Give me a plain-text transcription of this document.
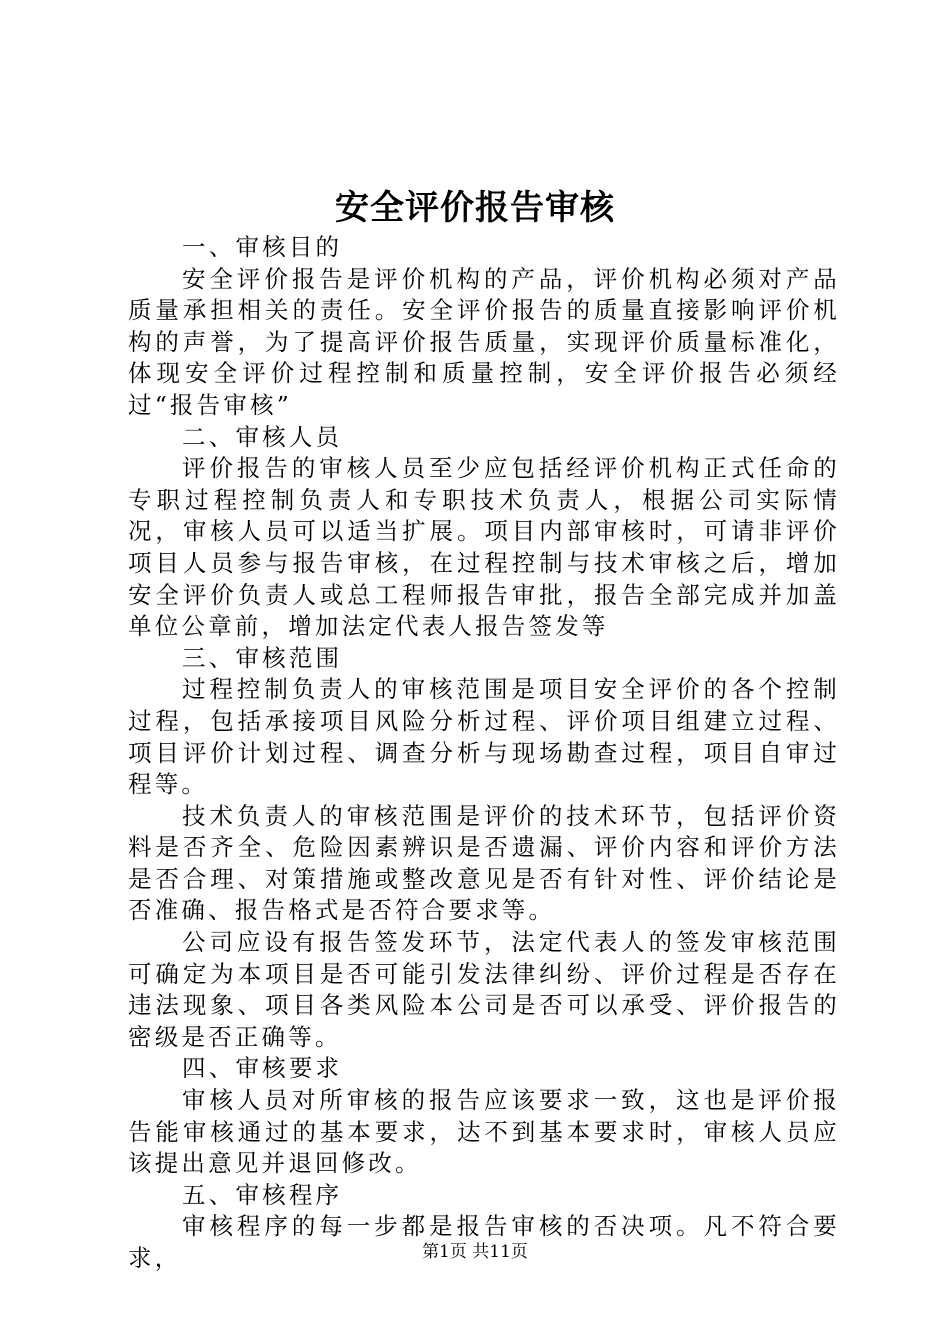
安全评价报告审核

一、审核目的

安全评价报告是评价机构的产品，评价机构必须对产品质量承担相关的责任。安全评价报告的质量直接影响评价机构的声誉，为了提高评价报告质量，实现评价质量标准化，体现安全评价过程控制和质量控制，安全评价报告必须经过“报告审核”

二、审核人员

评价报告的审核人员至少应包括经评价机构正式任命的专职过程控制负责人和专职技术负责人，根据公司实际情况，审核人员可以适当扩展。项目内部审核时，可请非评价项目人员参与报告审核，在过程控制与技术审核之后，增加安全评价负责人或总工程师报告审批，报告全部完成并加盖单位公章前，增加法定代表人报告签发等

三、审核范围

过程控制负责人的审核范围是项目安全评价的各个控制过程，包括承接项目风险分析过程、评价项目组建立过程、项目评价计划过程、调查分析与现场勘查过程，项目自审过程等。

技术负责人的审核范围是评价的技术环节，包括评价资料是否齐全、危险因素辨识是否遗漏、评价内容和评价方法是否合理、对策措施或整改意见是否有针对性、评价结论是否准确、报告格式是否符合要求等。

公司应设有报告签发环节，法定代表人的签发审核范围可确定为本项目是否可能引发法律纠纷、评价过程是否存在违法现象、项目各类风险本公司是否可以承受、评价报告的密级是否正确等。

四、审核要求

审核人员对所审核的报告应该要求一致，这也是评价报告能审核通过的基本要求，达不到基本要求时，审核人员应该提出意见并退回修改。

五、审核程序

审核程序的每一步都是报告审核的否决项。凡不符合要求，	第1页 共11页
